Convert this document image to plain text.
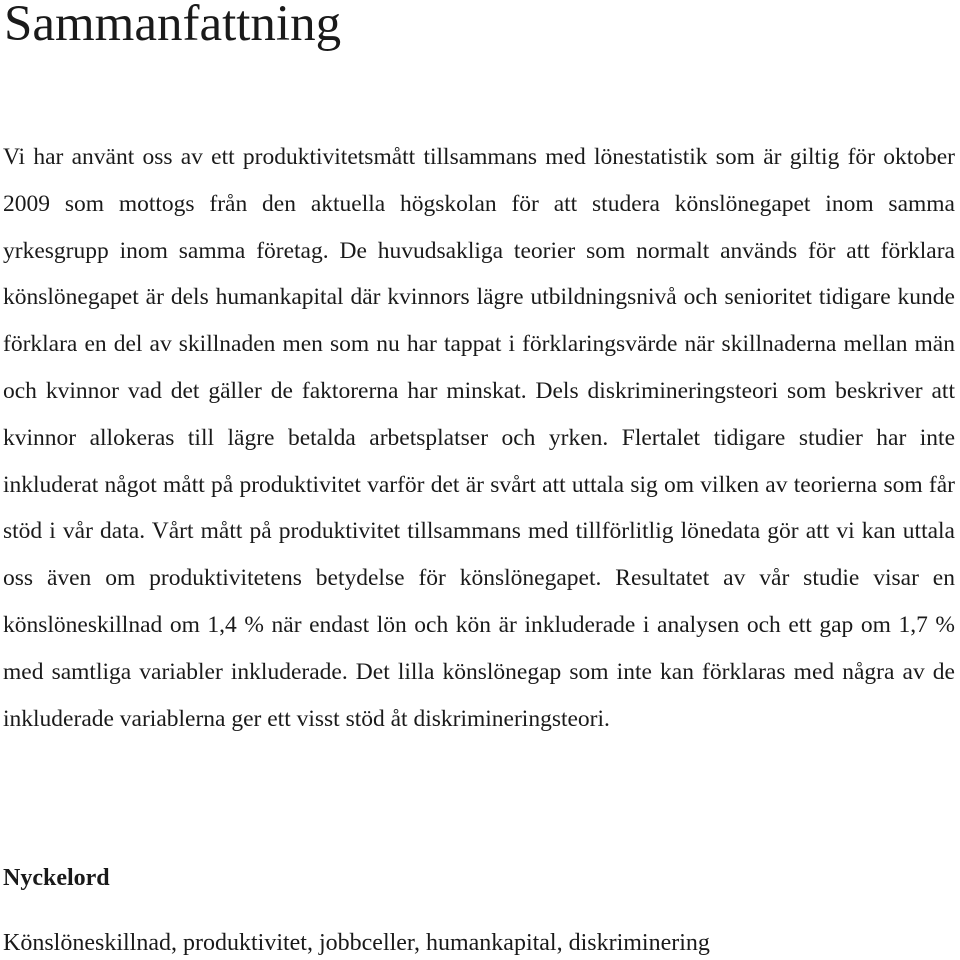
Sammanfattning

Vi har använt oss av ett produktivitetsmått tillsammans med lönestatistik som är giltig för oktober 2009 som mottogs från den aktuella högskolan för att studera könslönegapet inom samma yrkesgrupp inom samma företag. De huvudsakliga teorier som normalt används för att förklara könslönegapet är dels humankapital där kvinnors lägre utbildningsnivå och senioritet tidigare kunde förklara en del av skillnaden men som nu har tappat i förklaringsvärde när skillnaderna mellan män och kvinnor vad det gäller de faktorerna har minskat. Dels diskrimineringsteori som beskriver att kvinnor allokeras till lägre betalda arbetsplatser och yrken. Flertalet tidigare studier har inte inkluderat något mått på produktivitet varför det är svårt att uttala sig om vilken av teorierna som får stöd i vår data. Vårt mått på produktivitet tillsammans med tillförlitlig lönedata gör att vi kan uttala oss även om produktivitetens betydelse för könslönegapet. Resultatet av vår studie visar en könslöneskillnad om 1,4 % när endast lön och kön är inkluderade i analysen och ett gap om 1,7 % med samtliga variabler inkluderade. Det lilla könslönegap som inte kan förklaras med några av de inkluderade variablerna ger ett visst stöd åt diskrimineringsteori.

Nyckelord

Könslöneskillnad, produktivitet, jobbceller, humankapital, diskriminering
